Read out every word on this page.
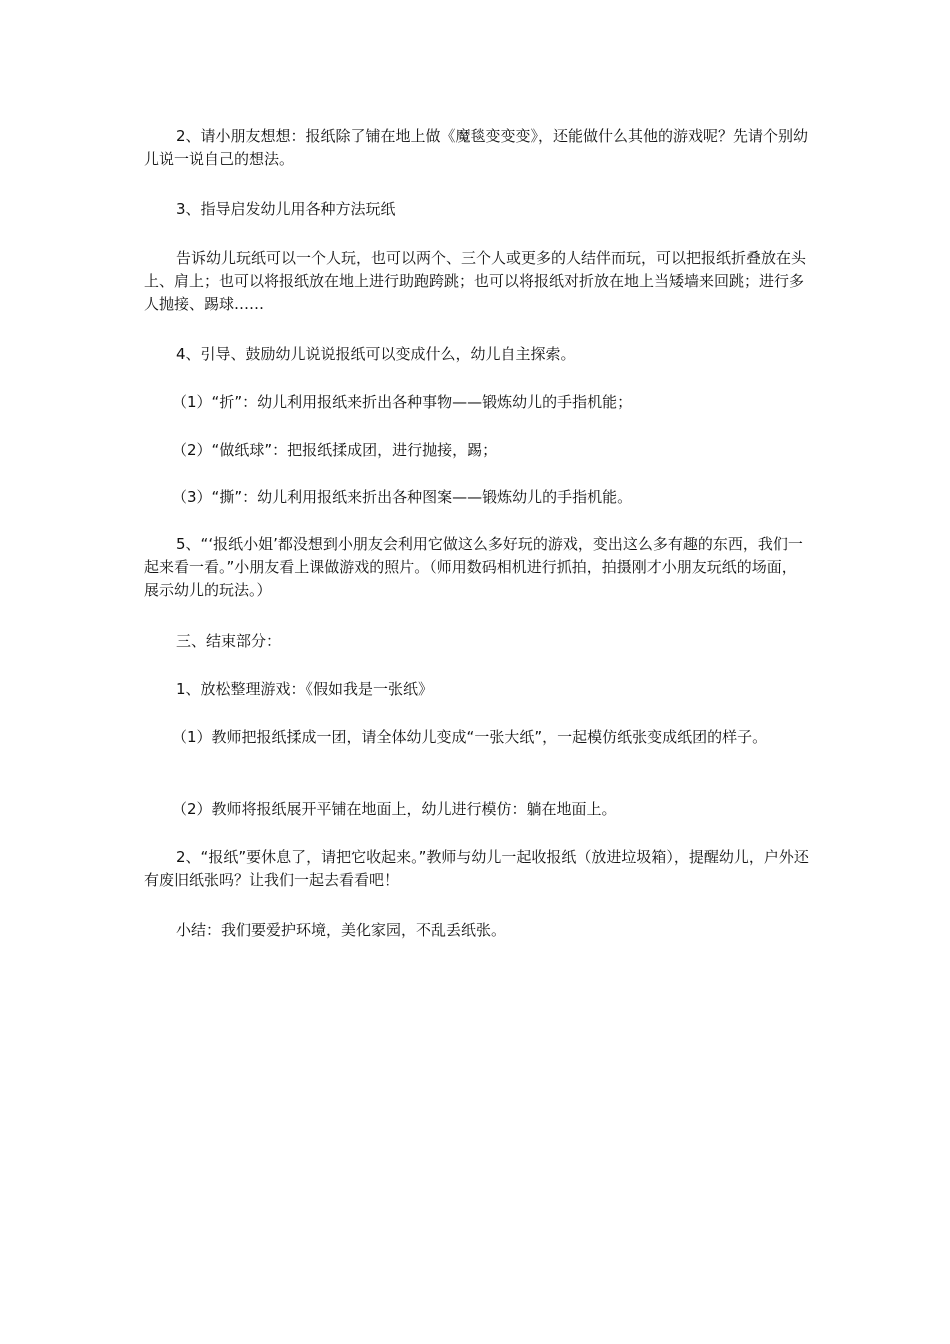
2、请小朋友想想：报纸除了铺在地上做《魔毯变变变》，还能做什么其他的游戏呢？先请个别幼儿说一说自己的想法。

3、指导启发幼儿用各种方法玩纸

告诉幼儿玩纸可以一个人玩，也可以两个、三个人或更多的人结伴而玩，可以把报纸折叠放在头上、肩上；也可以将报纸放在地上进行助跑跨跳；也可以将报纸对折放在地上当矮墙来回跳；进行多人抛接、踢球……

4、引导、鼓励幼儿说说报纸可以变成什么，幼儿自主探索。

（1）“折”：幼儿利用报纸来折出各种事物——锻炼幼儿的手指机能；

（2）“做纸球”：把报纸揉成团，进行抛接，踢；

（3）“撕”：幼儿利用报纸来折出各种图案——锻炼幼儿的手指机能。

5、“‘报纸小姐’都没想到小朋友会利用它做这么多好玩的游戏，变出这么多有趣的东西，我们一起来看一看。”小朋友看上课做游戏的照片。（师用数码相机进行抓拍，拍摄刚才小朋友玩纸的场面，展示幼儿的玩法。）

三、结束部分：

1、放松整理游戏：《假如我是一张纸》

（1）教师把报纸揉成一团，请全体幼儿变成“一张大纸”，一起模仿纸张变成纸团的样子。

（2）教师将报纸展开平铺在地面上，幼儿进行模仿：躺在地面上。

2、“报纸”要休息了，请把它收起来。”教师与幼儿一起收报纸（放进垃圾箱），提醒幼儿，户外还有废旧纸张吗？让我们一起去看看吧！

小结：我们要爱护环境，美化家园，不乱丢纸张。
